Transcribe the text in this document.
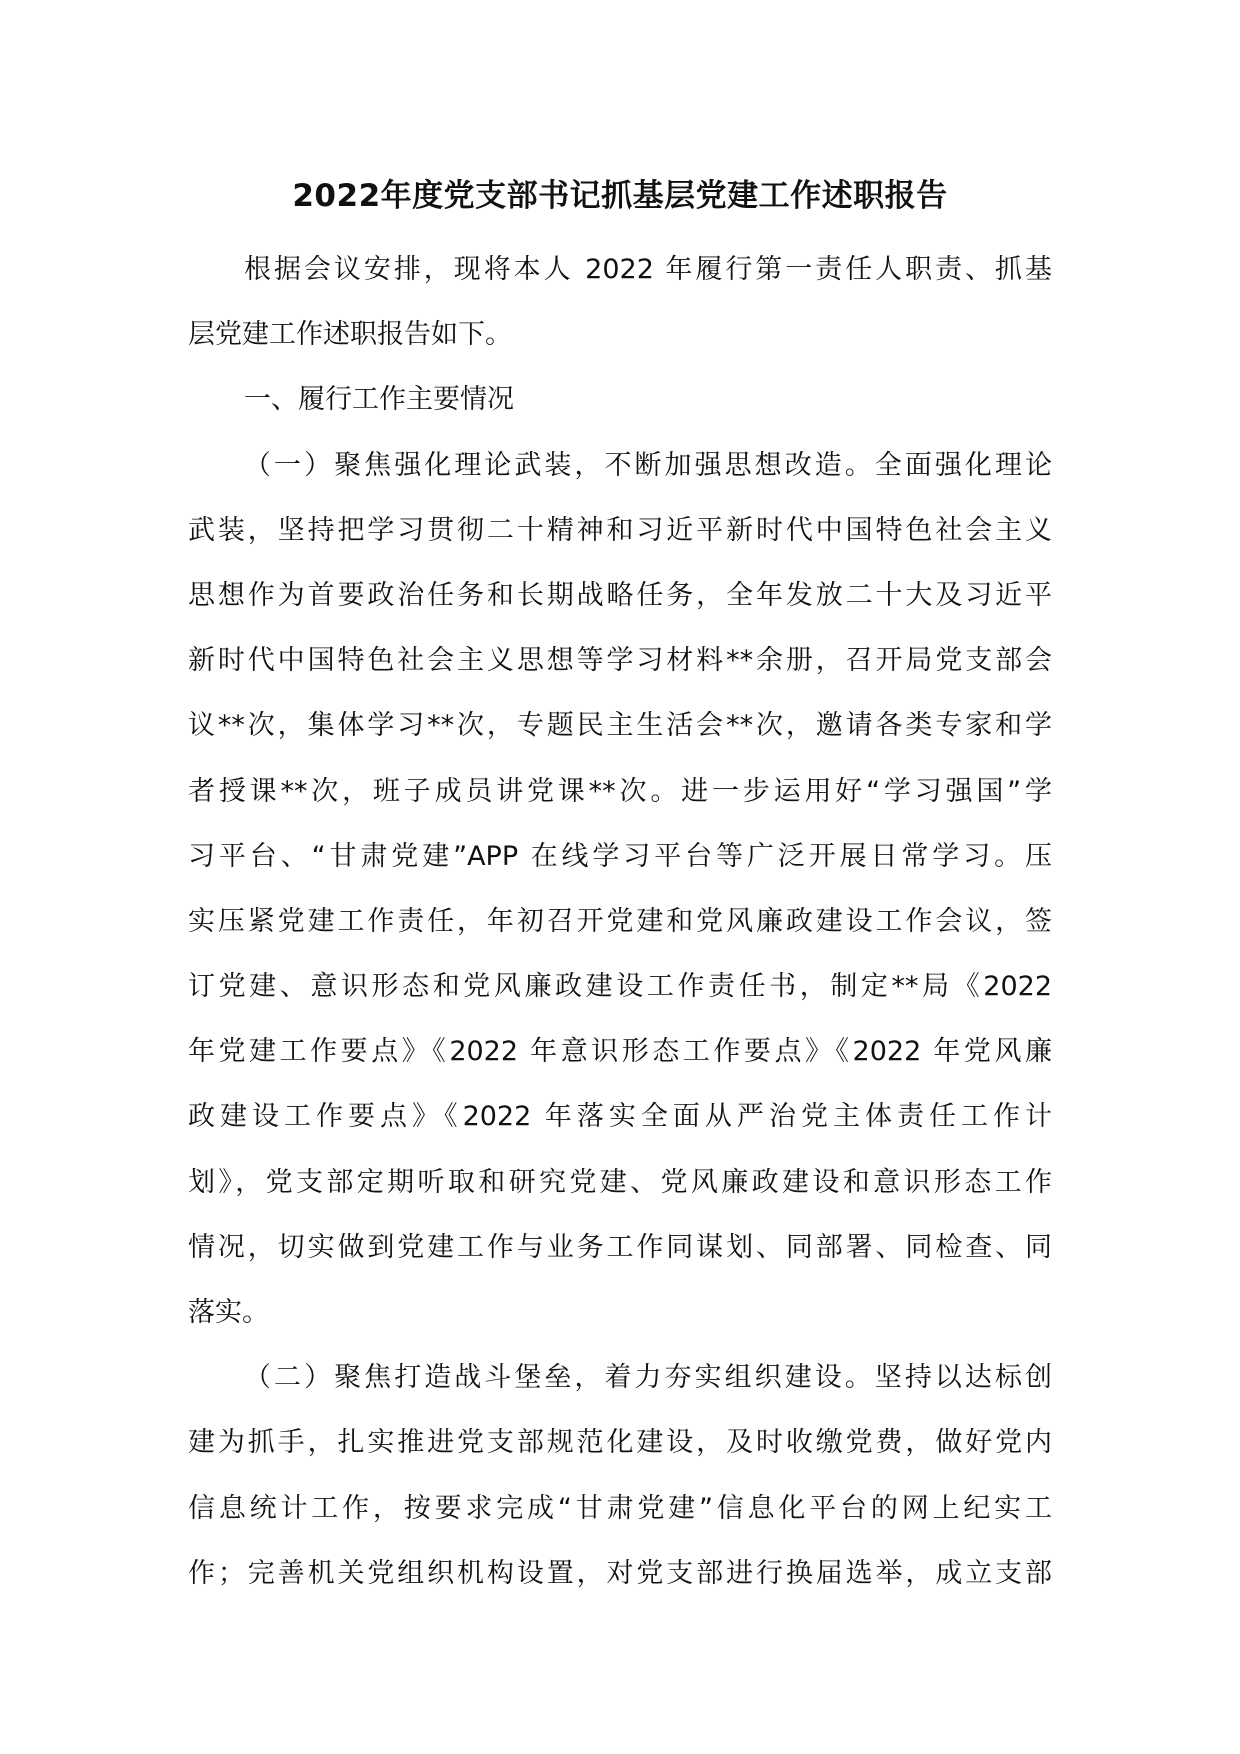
2022年度党支部书记抓基层党建工作述职报告
根据会议安排，现将本人 2022 年履行第一责任人职责、抓基
层党建工作述职报告如下。
一、履行工作主要情况
（一）聚焦强化理论武装，不断加强思想改造。全面强化理论
武装，坚持把学习贯彻二十精神和习近平新时代中国特色社会主义
思想作为首要政治任务和长期战略任务，全年发放二十大及习近平
新时代中国特色社会主义思想等学习材料**余册，召开局党支部会
议**次，集体学习**次，专题民主生活会**次，邀请各类专家和学
者授课**次，班子成员讲党课**次。进一步运用好“学习强国”学
习平台、“甘肃党建”APP 在线学习平台等广泛开展日常学习。压
实压紧党建工作责任，年初召开党建和党风廉政建设工作会议，签
订党建、意识形态和党风廉政建设工作责任书，制定**局《2022
年党建工作要点》《2022 年意识形态工作要点》《2022 年党风廉
政建设工作要点》《2022 年落实全面从严治党主体责任工作计
划》，党支部定期听取和研究党建、党风廉政建设和意识形态工作
情况，切实做到党建工作与业务工作同谋划、同部署、同检查、同
落实。
（二）聚焦打造战斗堡垒，着力夯实组织建设。坚持以达标创
建为抓手，扎实推进党支部规范化建设，及时收缴党费，做好党内
信息统计工作，按要求完成“甘肃党建”信息化平台的网上纪实工
作；完善机关党组织机构设置，对党支部进行换届选举，成立支部
